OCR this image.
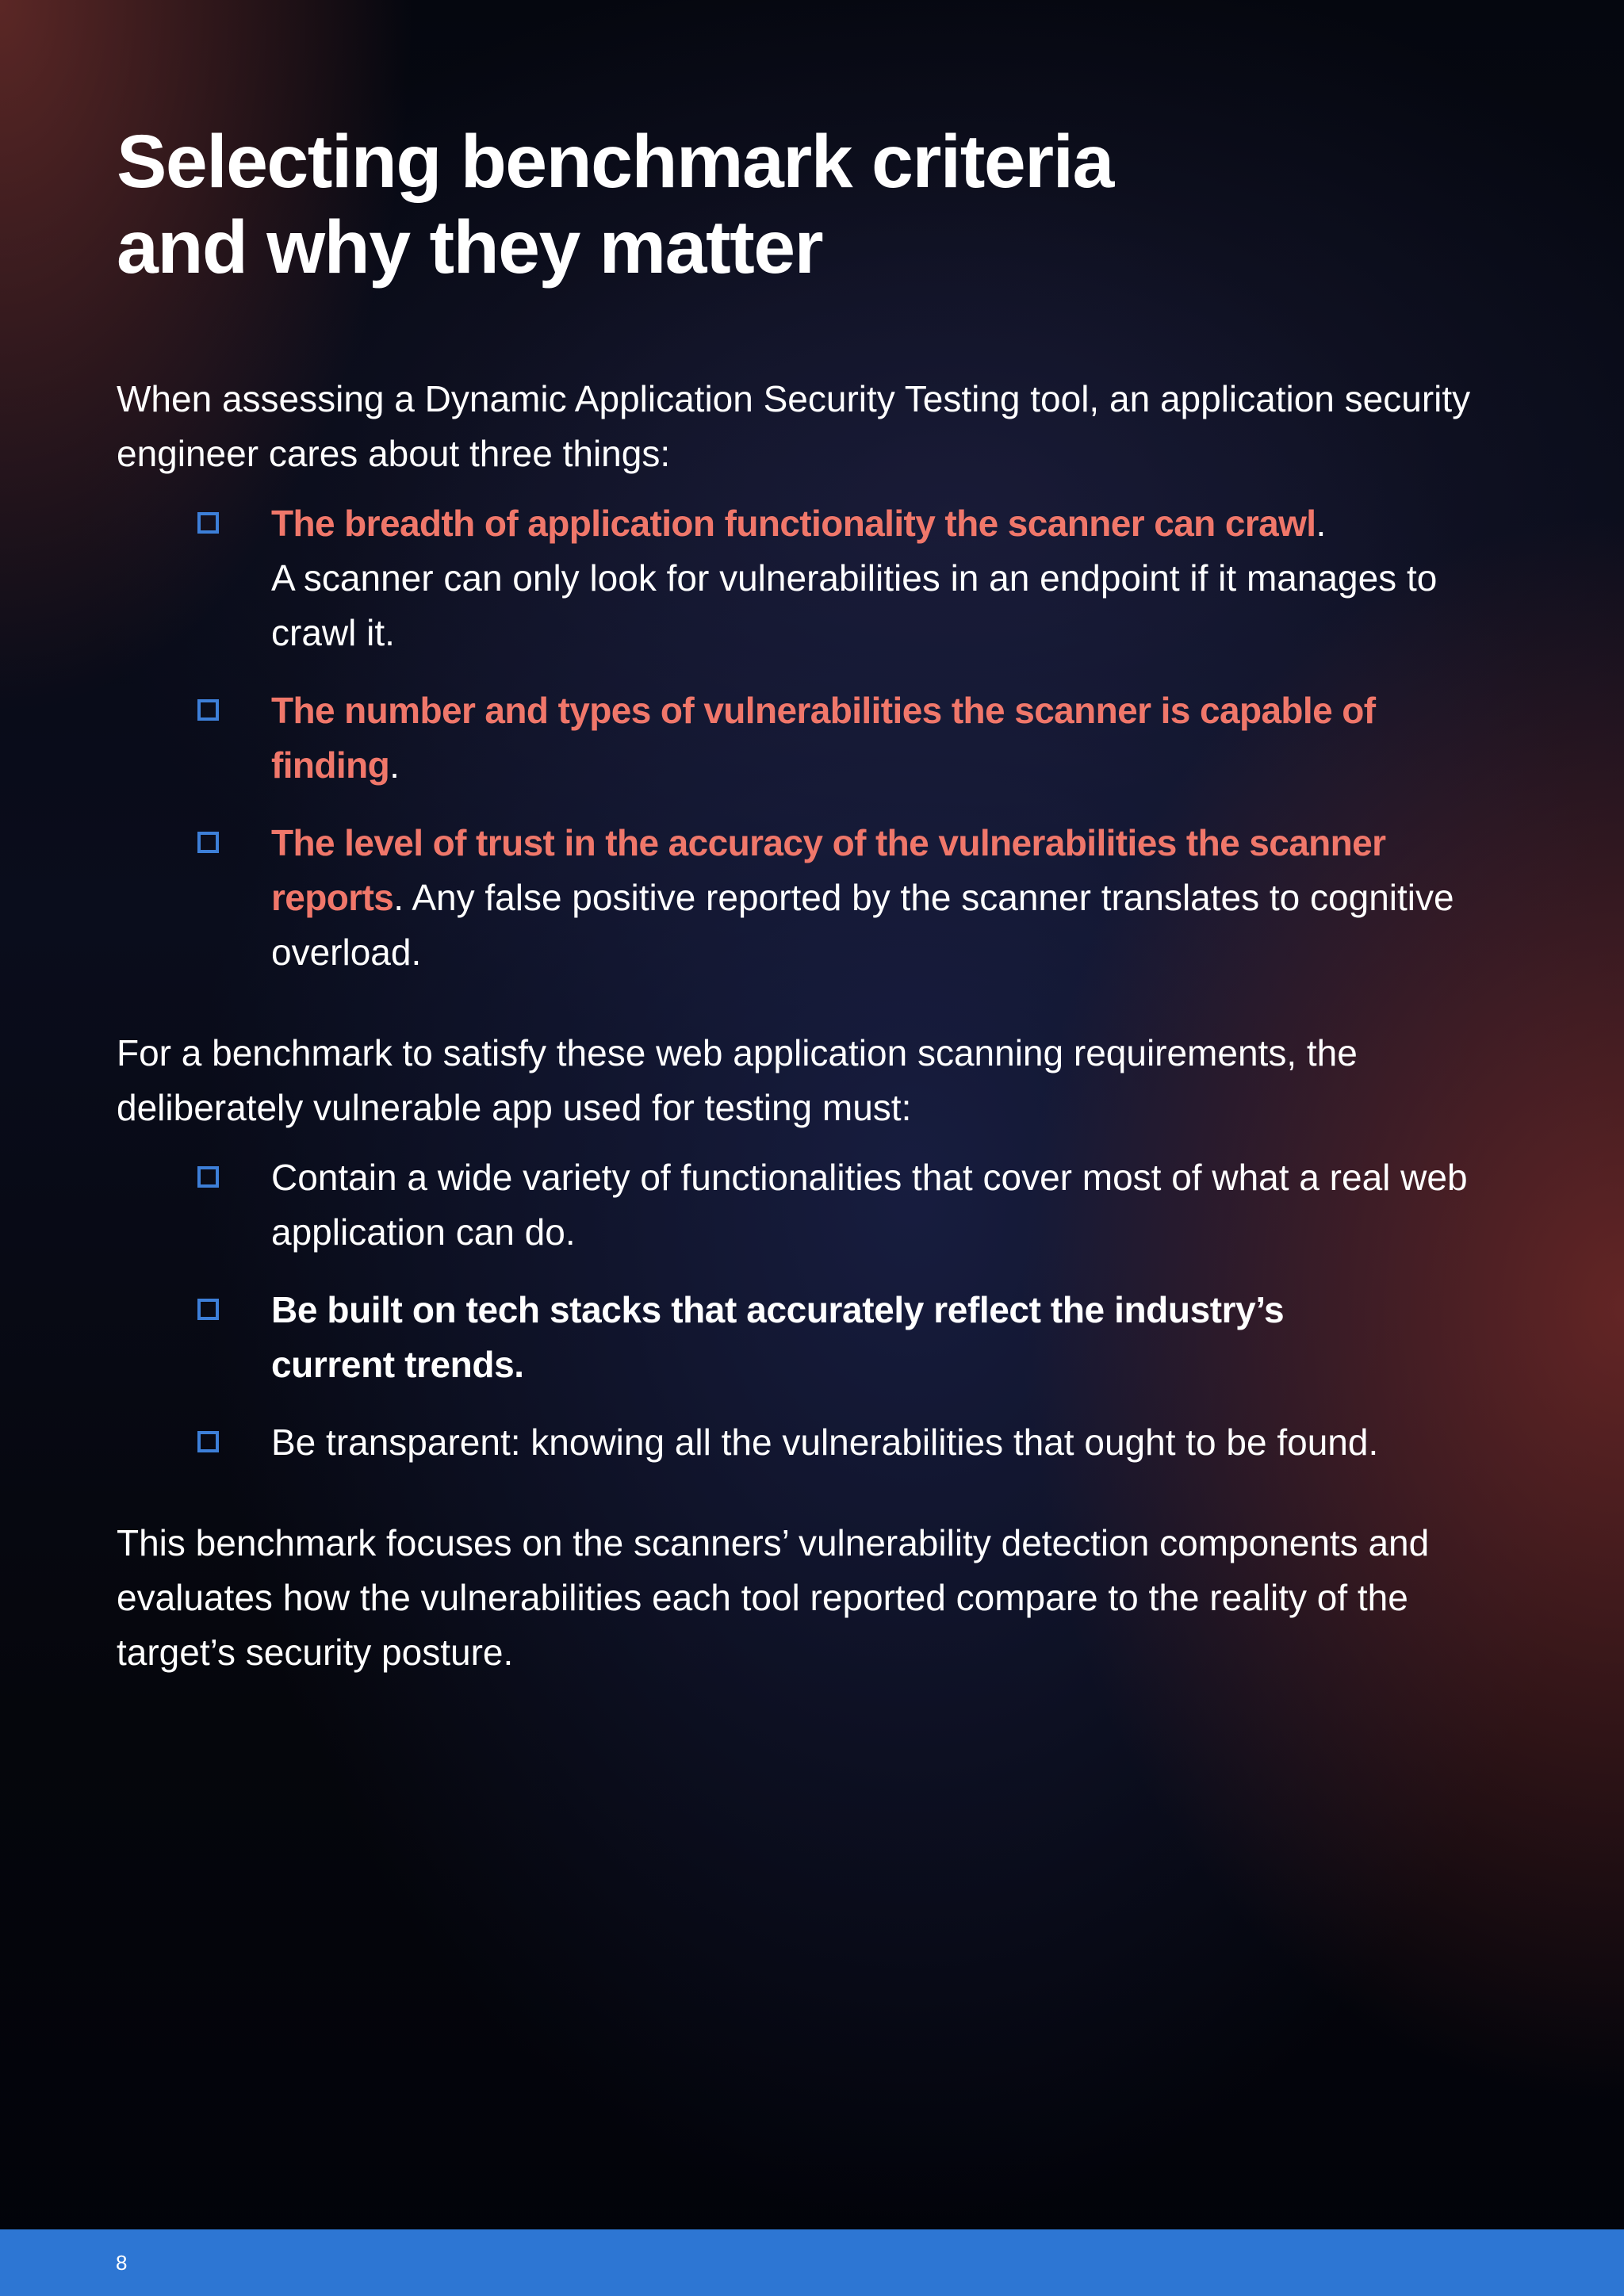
Selecting benchmark criteria
and why they matter

When assessing a Dynamic Application Security Testing tool, an application security engineer cares about three things:

The breadth of application functionality the scanner can crawl.
A scanner can only look for vulnerabilities in an endpoint if it manages to crawl it.
The number and types of vulnerabilities the scanner is capable of finding.
The level of trust in the accuracy of the vulnerabilities the scanner reports. Any false positive reported by the scanner translates to cognitive overload.

For a benchmark to satisfy these web application scanning requirements, the deliberately vulnerable app used for testing must:

Contain a wide variety of functionalities that cover most of what a real web application can do.
Be built on tech stacks that accurately reflect the industry’s current trends.
Be transparent: knowing all the vulnerabilities that ought to be found.

This benchmark focuses on the scanners’ vulnerability detection components and evaluates how the vulnerabilities each tool reported compare to the reality of the target’s security posture.

8
